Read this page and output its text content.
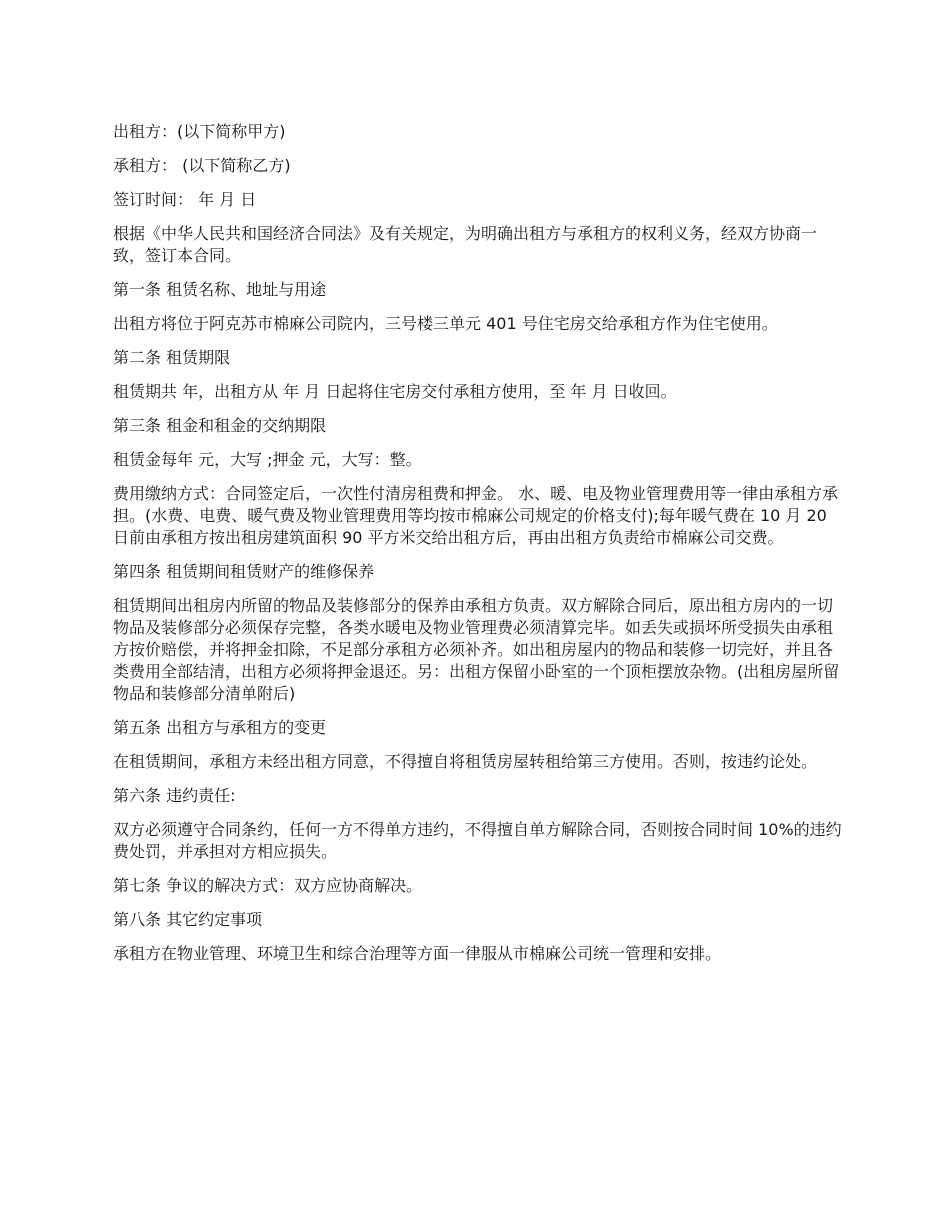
出租方：(以下简称甲方)

承租方： (以下简称乙方)

签订时间： 年 月 日

根据《中华人民共和国经济合同法》及有关规定，为明确出租方与承租方的权利义务，经双方协商一致，签订本合同。

第一条 租赁名称、地址与用途

出租方将位于阿克苏市棉麻公司院内，三号楼三单元 401 号住宅房交给承租方作为住宅使用。

第二条 租赁期限

租赁期共 年，出租方从 年 月 日起将住宅房交付承租方使用，至 年 月 日收回。

第三条 租金和租金的交纳期限

租赁金每年 元，大写 ;押金 元，大写：整。

费用缴纳方式：合同签定后，一次性付清房租费和押金。 水、暖、电及物业管理费用等一律由承租方承担。(水费、电费、暖气费及物业管理费用等均按市棉麻公司规定的价格支付);每年暖气费在 10 月 20 日前由承租方按出租房建筑面积 90 平方米交给出租方后，再由出租方负责给市棉麻公司交费。

第四条 租赁期间租赁财产的维修保养

租赁期间出租房内所留的物品及装修部分的保养由承租方负责。双方解除合同后，原出租方房内的一切物品及装修部分必须保存完整，各类水暖电及物业管理费必须清算完毕。如丢失或损坏所受损失由承租方按价赔偿，并将押金扣除，不足部分承租方必须补齐。如出租房屋内的物品和装修一切完好，并且各类费用全部结清，出租方必须将押金退还。另：出租方保留小卧室的一个顶柜摆放杂物。(出租房屋所留物品和装修部分清单附后)

第五条 出租方与承租方的变更

在租赁期间，承租方未经出租方同意，不得擅自将租赁房屋转租给第三方使用。否则，按违约论处。

第六条 违约责任:

双方必须遵守合同条约，任何一方不得单方违约，不得擅自单方解除合同，否则按合同时间 10%的违约费处罚，并承担对方相应损失。

第七条 争议的解决方式：双方应协商解决。

第八条 其它约定事项

承租方在物业管理、环境卫生和综合治理等方面一律服从市棉麻公司统一管理和安排。
